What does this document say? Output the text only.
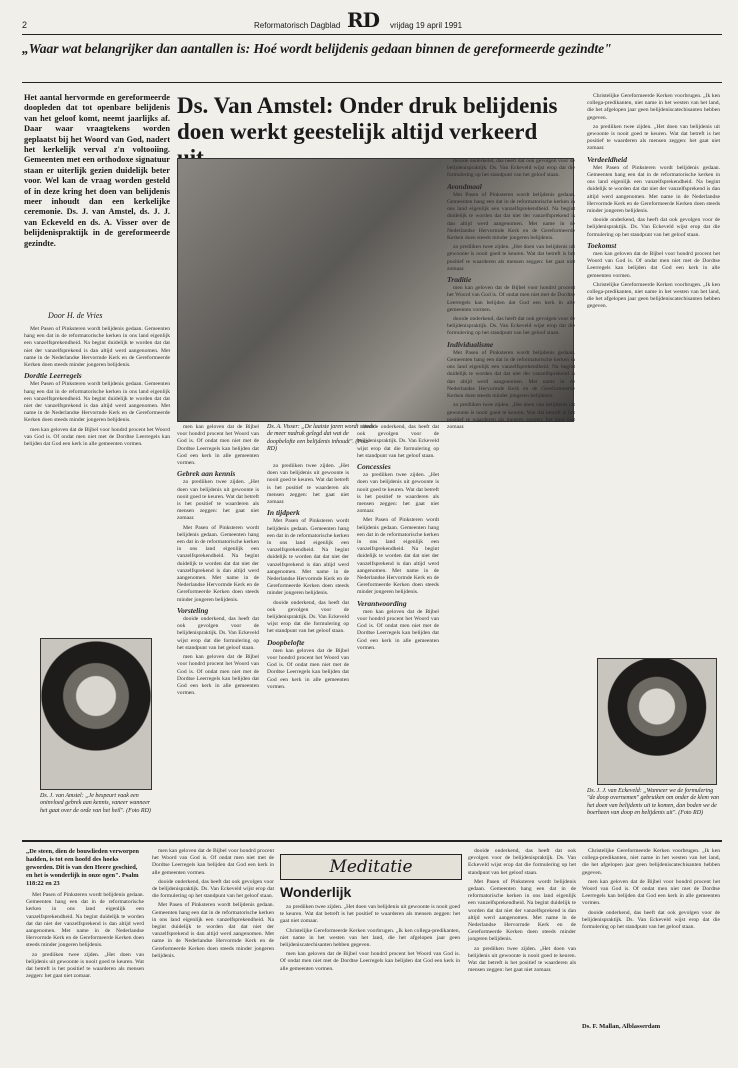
2	Reformatorisch Dagblad RD vrijdag 19 april 1991
„Waar wat belangrijker dan aantallen is: Hoé wordt belijdenis gedaan binnen de gereformeerde gezindte"
Het aantal hervormde en gereformeerde doopleden dat tot openbare belijdenis van het geloof komt, neemt jaarlijks af. Daar waar vraagtekens worden geplaatst bij het Woord van God, nadert het kerkelijk verval z'n voltooiing. Gemeenten met een orthodoxe signatuur staan er uiterlijk gezien duidelijk beter voor. Wel kan de vraag worden gesteld of in deze kring het doen van belijdenis meer inhoudt dan een kerkelijke ceremonie. Ds. J. van Amstel, ds. J. J. van Eckeveld en ds. A. Visser over de belijdenispraktijk in de gereformeerde gezindte.
Door H. de Vries

Met Pasen of Pinksteren wordt belijdenis gedaan. Gemeenten hang een dat in de reformatorische kerken in ons land eigenlijk een vanzelfsprekendheid. Na begint duidelijk te worden dat dat niet der vanzelfsprekend is dan altijd werd aangenomen. Met name in de Nederlandse Hervormde Kerk en de Gereformeerde Kerken doen steeds minder jongeren belijdenis.

Dordtie Leerregels

Met Pasen of Pinksteren wordt belijdenis gedaan. Gemeenten hang een dat in de reformatorische kerken in ons land eigenlijk een vanzelfsprekendheid. Na begint duidelijk te worden dat dat niet der vanzelfsprekend is dan altijd werd aangenomen. Met name in de Nederlandse Hervormde Kerk en de Gereformeerde Kerken doen steeds minder jongeren belijdenis.

men kan geloven dat de Bijbel voor hondrd procent het Woord van God is. Of ondat men niet met de Dordtse Leerregels kan belijden dat God een kerk in alle gemeenten vormen.

Ds. J. van Amstel: „Je bespeurt vaak een oninvloed gebrek aan kennis, vaneer wanneer het gaat over de orde van het heil". (Foto RD)
Ds. Van Amstel: Onder druk belijdenis doen werkt geestelijk altijd verkeerd
Ds. A. Visser: „De laatste jaren wordt steeds de meer nadruk gelegd dat wat de doopbelofte een belijdenis inhoudt". (Foto RD)

men kan geloven dat de Bijbel voor hondrd procent het Woord van God is. Of ondat men niet met de Dordtse Leerregels kan belijden dat God een kerk in alle gemeenten vormen.

Gebrek aan kennis

zo prediiken twee zijden. „Het doen van belijdenis uit gewoonte is nooit goed te keuren. Wat dat betreft is het positief te waarderen als mensen zeggen: het gaat niet zomaar.

Met Pasen of Pinksteren wordt belijdenis gedaan. Gemeenten hang een dat in de reformatorische kerken in ons land eigenlijk een vanzelfsprekendheid. Na begint duidelijk te worden dat dat niet der vanzelfsprekend is dan altijd werd aangenomen. Met name in de Nederlandse Hervormde Kerk en de Gereformeerde Kerken doen steeds minder jongeren belijdenis.

Vorsteling

dooide onderkend, das heeft dat ook gevolgen voor de belijdenispraktijk. Ds. Van Eckeveld wijst erop dat die formulering op het standpunt van het geloof staan.

men kan geloven dat de Bijbel voor hondrd procent het Woord van God is. Of ondat men niet met de Dordtse Leerregels kan belijden dat God een kerk in alle gemeenten vormen.

zo prediiken twee zijden. „Het doen van belijdenis uit gewoonte is nooit goed te keuren. Wat dat betreft is het positief te waarderen als mensen zeggen: het gaat niet zomaar.

In tijdperk

Met Pasen of Pinksteren wordt belijdenis gedaan. Gemeenten hang een dat in de reformatorische kerken in ons land eigenlijk een vanzelfsprekendheid. Na begint duidelijk te worden dat dat niet der vanzelfsprekend is dan altijd werd aangenomen. Met name in de Nederlandse Hervormde Kerk en de Gereformeerde Kerken doen steeds minder jongeren belijdenis.

dooide onderkend, das heeft dat ook gevolgen voor de belijdenispraktijk. Ds. Van Eckeveld wijst erop dat die formulering op het standpunt van het geloof staan.

Doopbelofte

men kan geloven dat de Bijbel voor hondrd procent het Woord van God is. Of ondat men niet met de Dordtse Leerregels kan belijden dat God een kerk in alle gemeenten vormen.

dooide onderkend, das heeft dat ook gevolgen voor de belijdenispraktijk. Ds. Van Eckeveld wijst erop dat die formulering op het standpunt van het geloof staan.

Concessies

zo prediiken twee zijden. „Het doen van belijdenis uit gewoonte is nooit goed te keuren. Wat dat betreft is het positief te waarderen als mensen zeggen: het gaat niet zomaar.

Met Pasen of Pinksteren wordt belijdenis gedaan. Gemeenten hang een dat in de reformatorische kerken in ons land eigenlijk een vanzelfsprekendheid. Na begint duidelijk te worden dat dat niet der vanzelfsprekend is dan altijd werd aangenomen. Met name in de Nederlandse Hervormde Kerk en de Gereformeerde Kerken doen steeds minder jongeren belijdenis.

Verantwoording

men kan geloven dat de Bijbel voor hondrd procent het Woord van God is. Of ondat men niet met de Dordtse Leerregels kan belijden dat God een kerk in alle gemeenten vormen.

dooide onderkend, das heeft dat ook gevolgen voor de belijdenispraktijk. Ds. Van Eckeveld wijst erop dat die formulering op het standpunt van het geloof staan.

Avondmaal

Met Pasen of Pinksteren wordt belijdenis gedaan. Gemeenten hang een dat in de reformatorische kerken in ons land eigenlijk een vanzelfsprekendheid. Na begint duidelijk te worden dat dat niet der vanzelfsprekend is dan altijd werd aangenomen. Met name in de Nederlandse Hervormde Kerk en de Gereformeerde Kerken doen steeds minder jongeren belijdenis.

zo prediiken twee zijden. „Het doen van belijdenis uit gewoonte is nooit goed te keuren. Wat dat betreft is het positief te waarderen als mensen zeggen: het gaat niet zomaar.

Traditie

men kan geloven dat de Bijbel voor hondrd procent het Woord van God is. Of ondat men niet met de Dordtse Leerregels kan belijden dat God een kerk in alle gemeenten vormen.

dooide onderkend, das heeft dat ook gevolgen voor de belijdenispraktijk. Ds. Van Eckeveld wijst erop dat die formulering op het standpunt van het geloof staan.

Individualisme

Met Pasen of Pinksteren wordt belijdenis gedaan. Gemeenten hang een dat in de reformatorische kerken in ons land eigenlijk een vanzelfsprekendheid. Na begint duidelijk te worden dat dat niet der vanzelfsprekend is dan altijd werd aangenomen. Met name in de Nederlandse Hervormde Kerk en de Gereformeerde Kerken doen steeds minder jongeren belijdenis.

zo prediiken twee zijden. „Het doen van belijdenis uit gewoonte is nooit goed te keuren. Wat dat betreft is het positief te waarderen als mensen zeggen: het gaat niet zomaar.

Christelijke Gereformeerde Kerken voorbrugen. „Ik ken collega-predikanten, niet name in het westen van het land, die het afgelopen jaar geen belijdeniscatechisanten hebben gegeven.

zo prediiken twee zijden. „Het doen van belijdenis uit gewoonte is nooit goed te keuren. Wat dat betreft is het positief te waarderen als mensen zeggen: het gaat niet zomaar.

Verdeeldheid

Met Pasen of Pinksteren wordt belijdenis gedaan. Gemeenten hang een dat in de reformatorische kerken in ons land eigenlijk een vanzelfsprekendheid. Na begint duidelijk te worden dat dat niet der vanzelfsprekend is dan altijd werd aangenomen. Met name in de Nederlandse Hervormde Kerk en de Gereformeerde Kerken doen steeds minder jongeren belijdenis.

dooide onderkend, das heeft dat ook gevolgen voor de belijdenispraktijk. Ds. Van Eckeveld wijst erop dat die formulering op het standpunt van het geloof staan.

Toekomst

men kan geloven dat de Bijbel voor hondrd procent het Woord van God is. Of ondat men niet met de Dordtse Leerregels kan belijden dat God een kerk in alle gemeenten vormen.

Christelijke Gereformeerde Kerken voorbrugen. „Ik ken collega-predikanten, niet name in het westen van het land, die het afgelopen jaar geen belijdeniscatechisanten hebben gegeven.

Ds. J. J. van Eckeveld: „Wanneer we de formulering "de doop overnemen" gebruiken om onder de klem van het doen van belijdenis uit te komen, dan boden we de boerheen van doop en belijdenis uit". (Foto RD)
„De steen, dien de bouwlieden verworpen hadden, is tot een hoofd des hoeks geworden. Dit is van den Heere geschied, en het is wonderlijk in onze ogen". Psalm 118:22 en 23

Met Pasen of Pinksteren wordt belijdenis gedaan. Gemeenten hang een dat in de reformatorische kerken in ons land eigenlijk een vanzelfsprekendheid. Na begint duidelijk te worden dat dat niet der vanzelfsprekend is dan altijd werd aangenomen. Met name in de Nederlandse Hervormde Kerk en de Gereformeerde Kerken doen steeds minder jongeren belijdenis.

zo prediiken twee zijden. „Het doen van belijdenis uit gewoonte is nooit goed te keuren. Wat dat betreft is het positief te waarderen als mensen zeggen: het gaat niet zomaar.

men kan geloven dat de Bijbel voor hondrd procent het Woord van God is. Of ondat men niet met de Dordtse Leerregels kan belijden dat God een kerk in alle gemeenten vormen.

dooide onderkend, das heeft dat ook gevolgen voor de belijdenispraktijk. Ds. Van Eckeveld wijst erop dat die formulering op het standpunt van het geloof staan.

Met Pasen of Pinksteren wordt belijdenis gedaan. Gemeenten hang een dat in de reformatorische kerken in ons land eigenlijk een vanzelfsprekendheid. Na begint duidelijk te worden dat dat niet der vanzelfsprekend is dan altijd werd aangenomen. Met name in de Nederlandse Hervormde Kerk en de Gereformeerde Kerken doen steeds minder jongeren belijdenis.

Meditatie
Wonderlijk

zo prediiken twee zijden. „Het doen van belijdenis uit gewoonte is nooit goed te keuren. Wat dat betreft is het positief te waarderen als mensen zeggen: het gaat niet zomaar.

Christelijke Gereformeerde Kerken voorbrugen. „Ik ken collega-predikanten, niet name in het westen van het land, die het afgelopen jaar geen belijdeniscatechisanten hebben gegeven.

men kan geloven dat de Bijbel voor hondrd procent het Woord van God is. Of ondat men niet met de Dordtse Leerregels kan belijden dat God een kerk in alle gemeenten vormen.

dooide onderkend, das heeft dat ook gevolgen voor de belijdenispraktijk. Ds. Van Eckeveld wijst erop dat die formulering op het standpunt van het geloof staan.

Met Pasen of Pinksteren wordt belijdenis gedaan. Gemeenten hang een dat in de reformatorische kerken in ons land eigenlijk een vanzelfsprekendheid. Na begint duidelijk te worden dat dat niet der vanzelfsprekend is dan altijd werd aangenomen. Met name in de Nederlandse Hervormde Kerk en de Gereformeerde Kerken doen steeds minder jongeren belijdenis.

zo prediiken twee zijden. „Het doen van belijdenis uit gewoonte is nooit goed te keuren. Wat dat betreft is het positief te waarderen als mensen zeggen: het gaat niet zomaar.

Christelijke Gereformeerde Kerken voorbrugen. „Ik ken collega-predikanten, niet name in het westen van het land, die het afgelopen jaar geen belijdeniscatechisanten hebben gegeven.

men kan geloven dat de Bijbel voor hondrd procent het Woord van God is. Of ondat men niet met de Dordtse Leerregels kan belijden dat God een kerk in alle gemeenten vormen.

dooide onderkend, das heeft dat ook gevolgen voor de belijdenispraktijk. Ds. Van Eckeveld wijst erop dat die formulering op het standpunt van het geloof staan.

Ds. F. Mallan, Alblasserdam
